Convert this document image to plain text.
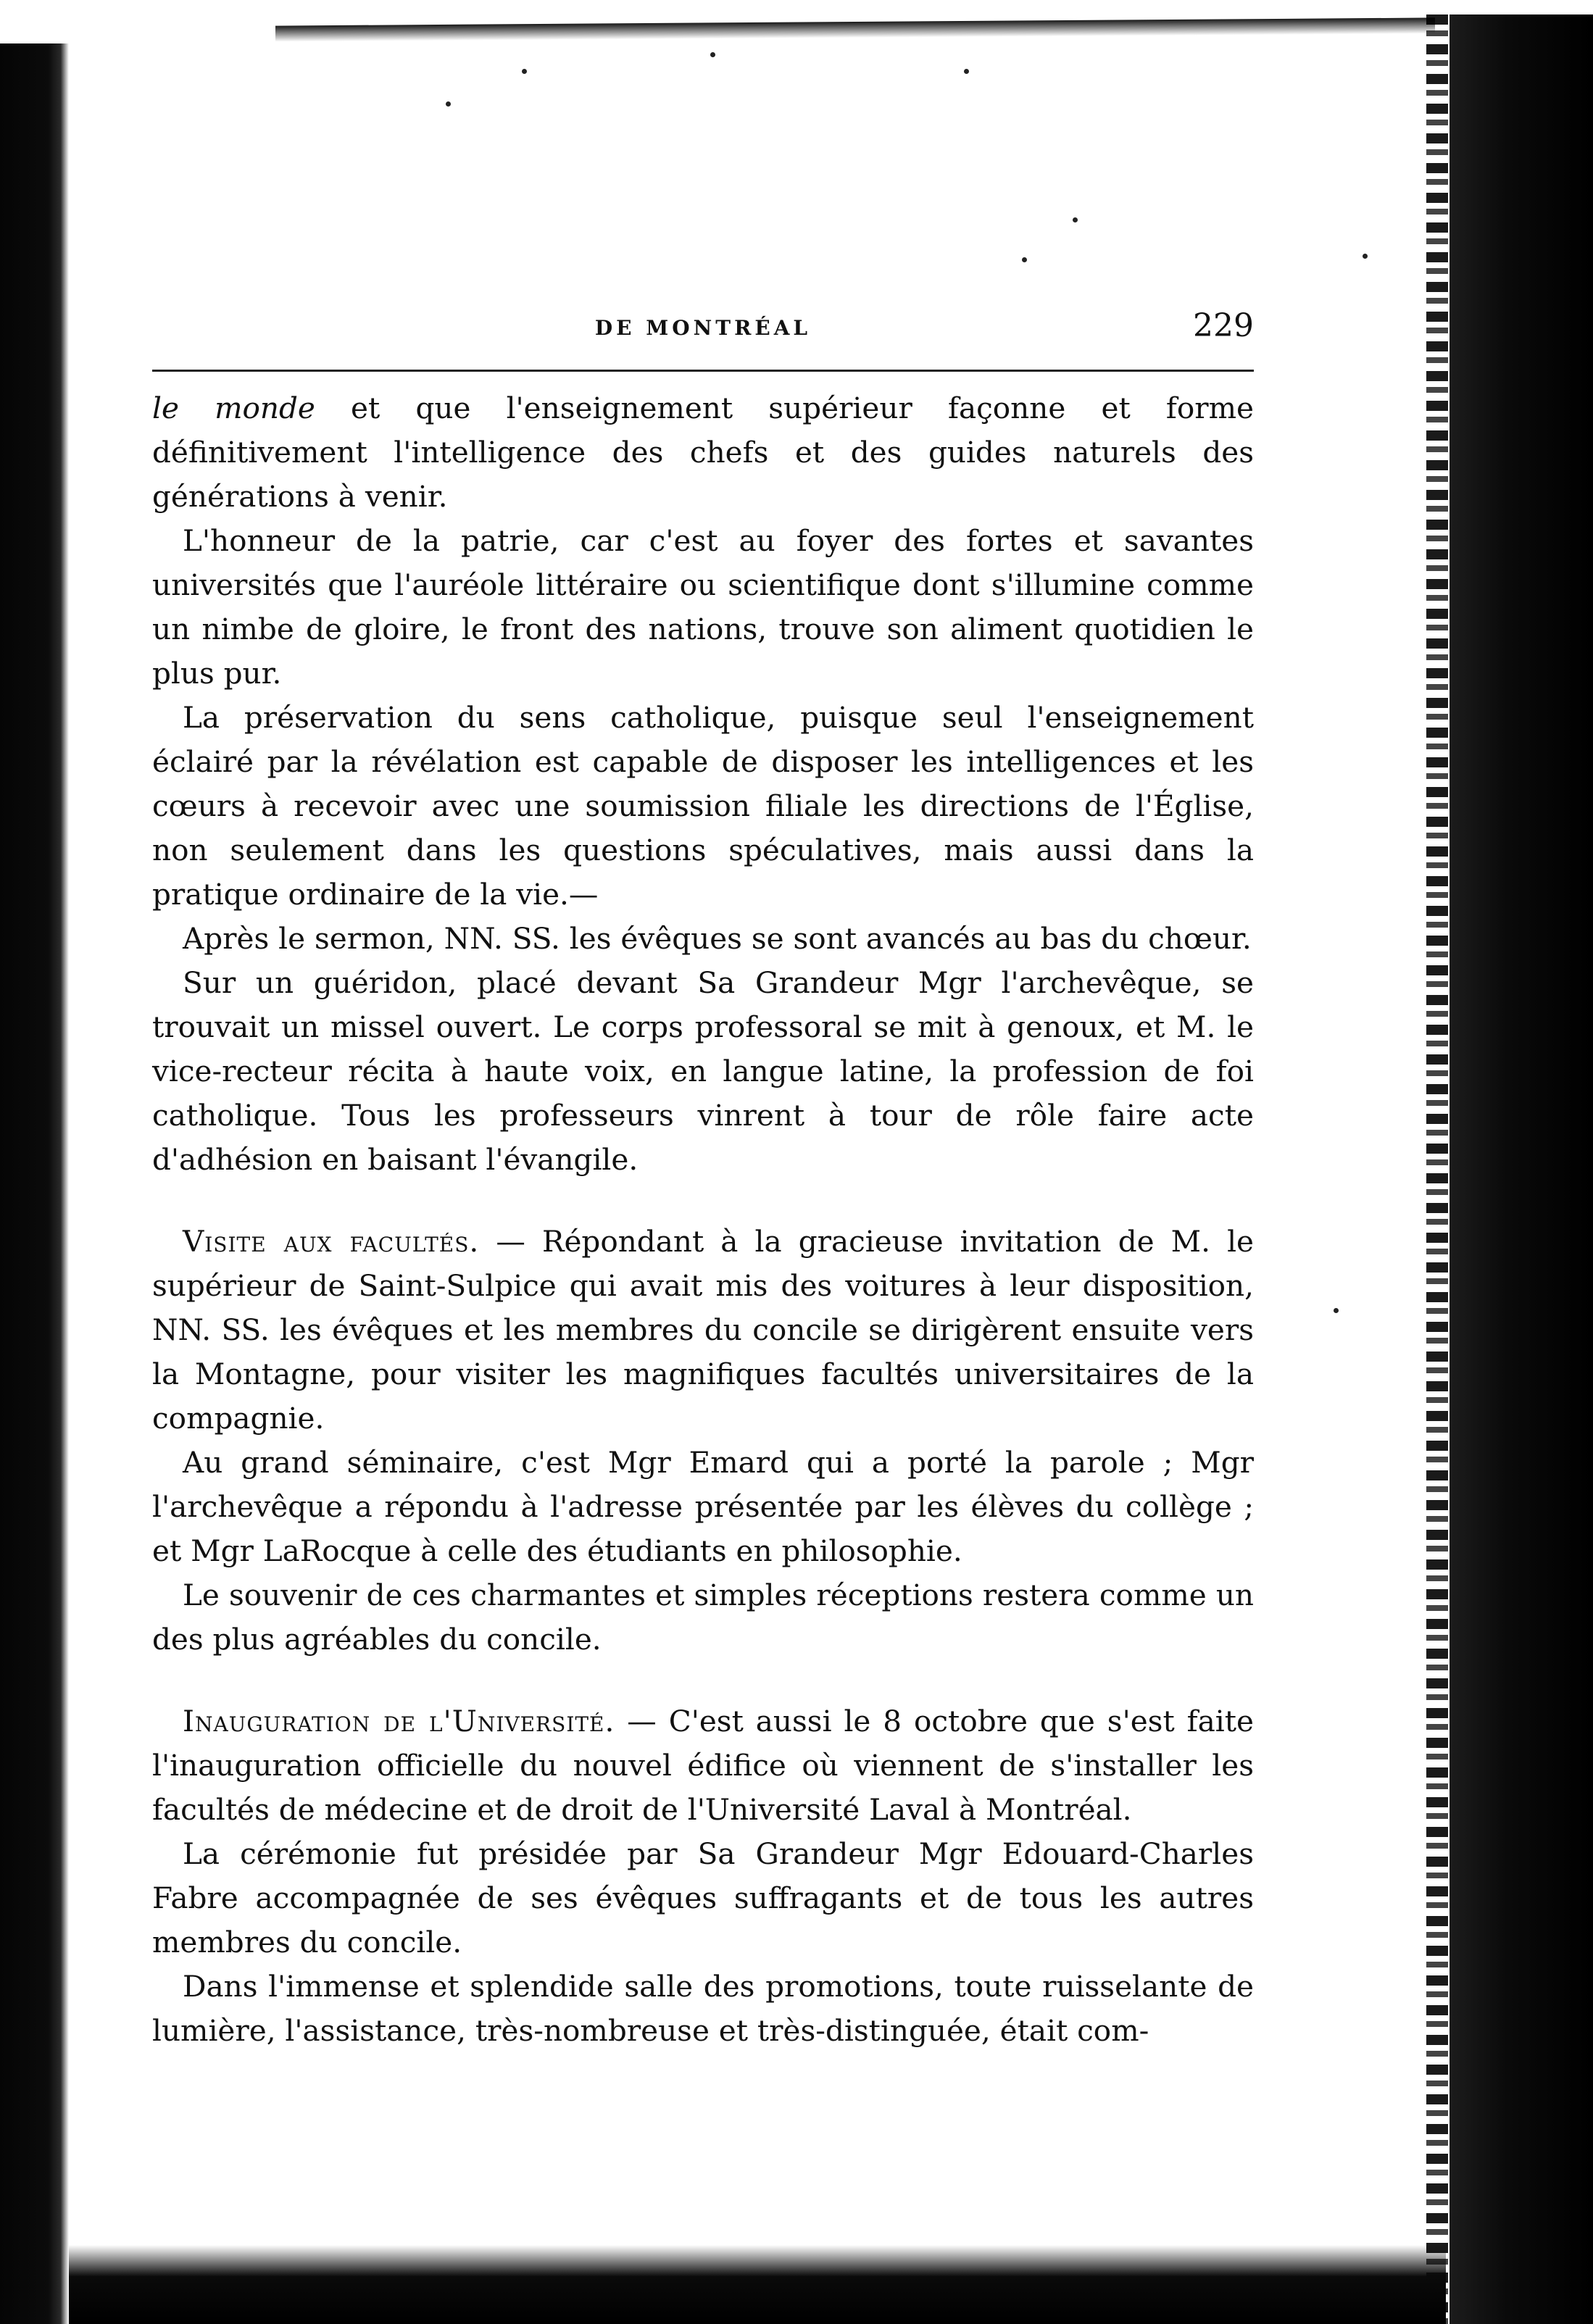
DE MONTRÉAL	229

le monde et que l'enseignement supérieur façonne et forme définitivement l'intelligence des chefs et des guides naturels des générations à venir.

L'honneur de la patrie, car c'est au foyer des fortes et savantes universités que l'auréole littéraire ou scientifique dont s'illumine comme un nimbe de gloire, le front des nations, trouve son aliment quotidien le plus pur.

La préservation du sens catholique, puisque seul l'enseignement éclairé par la révélation est capable de disposer les intelligences et les cœurs à recevoir avec une soumission filiale les directions de l'Église, non seulement dans les questions spéculatives, mais aussi dans la pratique ordinaire de la vie.—

Après le sermon, NN. SS. les évêques se sont avancés au bas du chœur.

Sur un guéridon, placé devant Sa Grandeur Mgr l'archevêque, se trouvait un missel ouvert. Le corps professoral se mit à genoux, et M. le vice-recteur récita à haute voix, en langue latine, la profession de foi catholique. Tous les professeurs vinrent à tour de rôle faire acte d'adhésion en baisant l'évangile.

Visite aux facultés. — Répondant à la gracieuse invitation de M. le supérieur de Saint-Sulpice qui avait mis des voitures à leur disposition, NN. SS. les évêques et les membres du concile se dirigèrent ensuite vers la Montagne, pour visiter les magnifiques facultés universitaires de la compagnie.

Au grand séminaire, c'est Mgr Emard qui a porté la parole ; Mgr l'archevêque a répondu à l'adresse présentée par les élèves du collège ; et Mgr LaRocque à celle des étudiants en philosophie.

Le souvenir de ces charmantes et simples réceptions restera comme un des plus agréables du concile.

Inauguration de l'Université. — C'est aussi le 8 octobre que s'est faite l'inauguration officielle du nouvel édifice où viennent de s'installer les facultés de médecine et de droit de l'Université Laval à Montréal.

La cérémonie fut présidée par Sa Grandeur Mgr Edouard-Charles Fabre accompagnée de ses évêques suffragants et de tous les autres membres du concile.

Dans l'immense et splendide salle des promotions, toute ruisselante de lumière, l'assistance, très-nombreuse et très-distinguée, était com-
